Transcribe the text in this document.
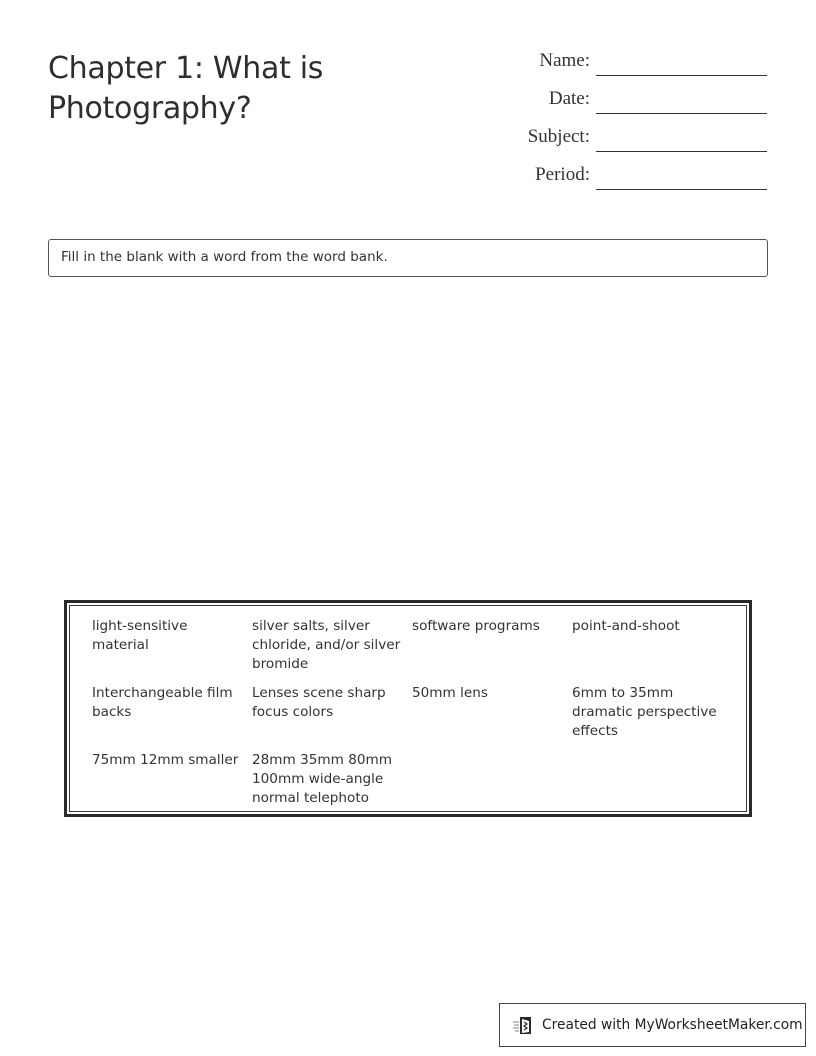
Chapter 1: What is Photography?
Name:
Date:
Subject:
Period:
Fill in the blank with a word from the word bank.
light-sensitive material
silver salts, silver chloride, and/or silver bromide
software programs	point-and-shoot
Interchangeable film backs
Lenses scene sharp focus colors
50mm lens	6mm to 35mm dramatic perspective effects
75mm 12mm smaller 28mm 35mm 80mm 100mm wide-angle normal telephoto
Created with MyWorksheetMaker.com
